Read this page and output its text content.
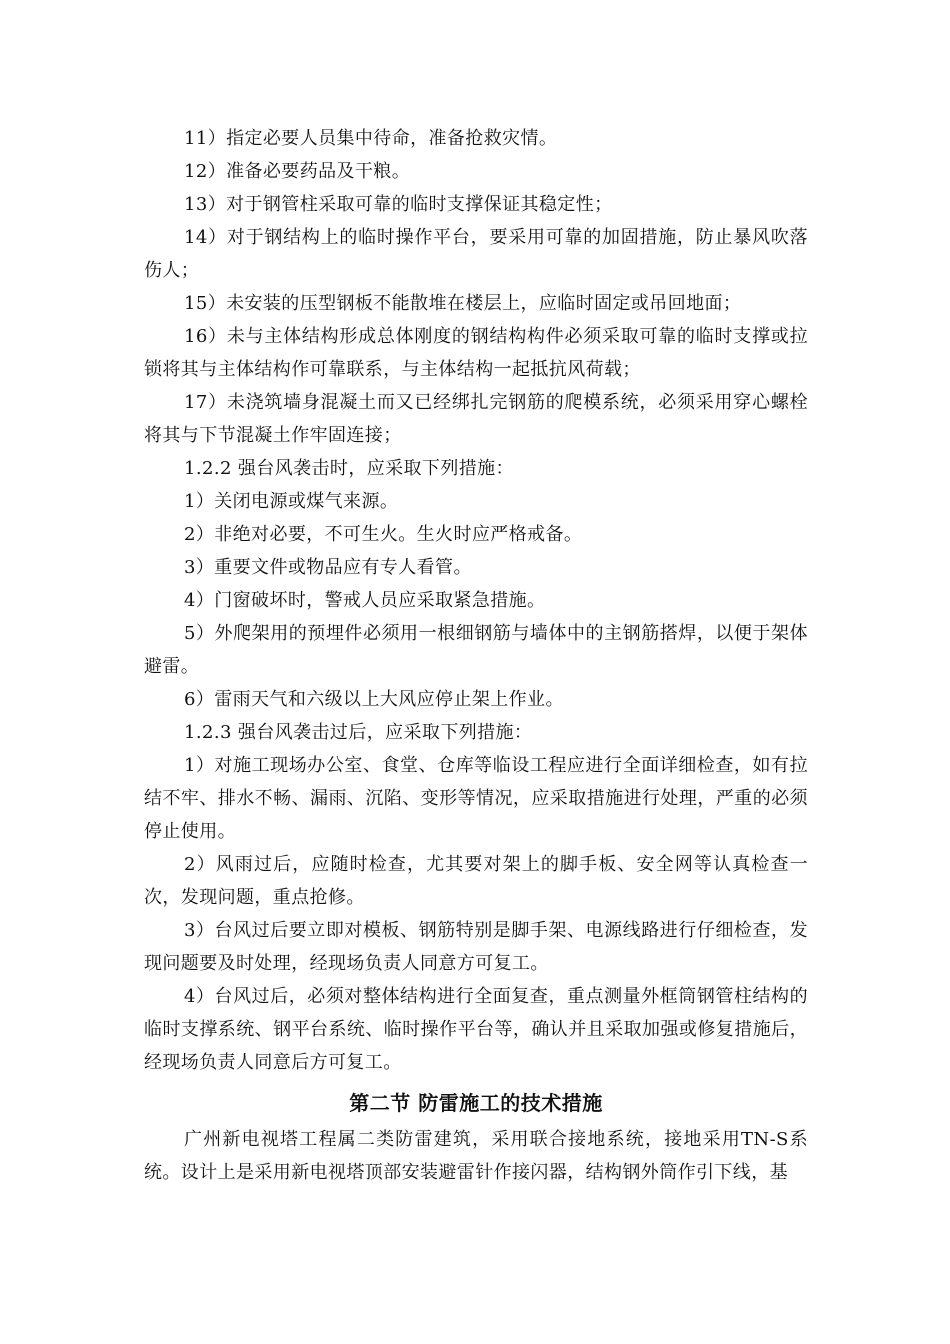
11）指定必要人员集中待命，准备抢救灾情。

12）准备必要药品及干粮。

13）对于钢管柱采取可靠的临时支撑保证其稳定性；

14）对于钢结构上的临时操作平台，要采用可靠的加固措施，防止暴风吹落伤人；

15）未安装的压型钢板不能散堆在楼层上，应临时固定或吊回地面；

16）未与主体结构形成总体刚度的钢结构构件必须采取可靠的临时支撑或拉锁将其与主体结构作可靠联系，与主体结构一起抵抗风荷载；

17）未浇筑墙身混凝土而又已经绑扎完钢筋的爬模系统，必须采用穿心螺栓将其与下节混凝土作牢固连接；

1.2.2 强台风袭击时，应采取下列措施：

1）关闭电源或煤气来源。

2）非绝对必要，不可生火。生火时应严格戒备。

3）重要文件或物品应有专人看管。

4）门窗破坏时，警戒人员应采取紧急措施。

5）外爬架用的预埋件必须用一根细钢筋与墙体中的主钢筋搭焊，以便于架体避雷。

6）雷雨天气和六级以上大风应停止架上作业。

1.2.3 强台风袭击过后，应采取下列措施：

1）对施工现场办公室、食堂、仓库等临设工程应进行全面详细检查，如有拉结不牢、排水不畅、漏雨、沉陷、变形等情况，应采取措施进行处理，严重的必须停止使用。

2）风雨过后，应随时检查，尤其要对架上的脚手板、安全网等认真检查一次，发现问题，重点抢修。

3）台风过后要立即对模板、钢筋特别是脚手架、电源线路进行仔细检查，发现问题要及时处理，经现场负责人同意方可复工。

4）台风过后，必须对整体结构进行全面复查，重点测量外框筒钢管柱结构的临时支撑系统、钢平台系统、临时操作平台等，确认并且采取加强或修复措施后，经现场负责人同意后方可复工。

第二节 防雷施工的技术措施

广州新电视塔工程属二类防雷建筑，采用联合接地系统，接地采用TN-S系统。设计上是采用新电视塔顶部安装避雷针作接闪器，结构钢外筒作引下线，基
